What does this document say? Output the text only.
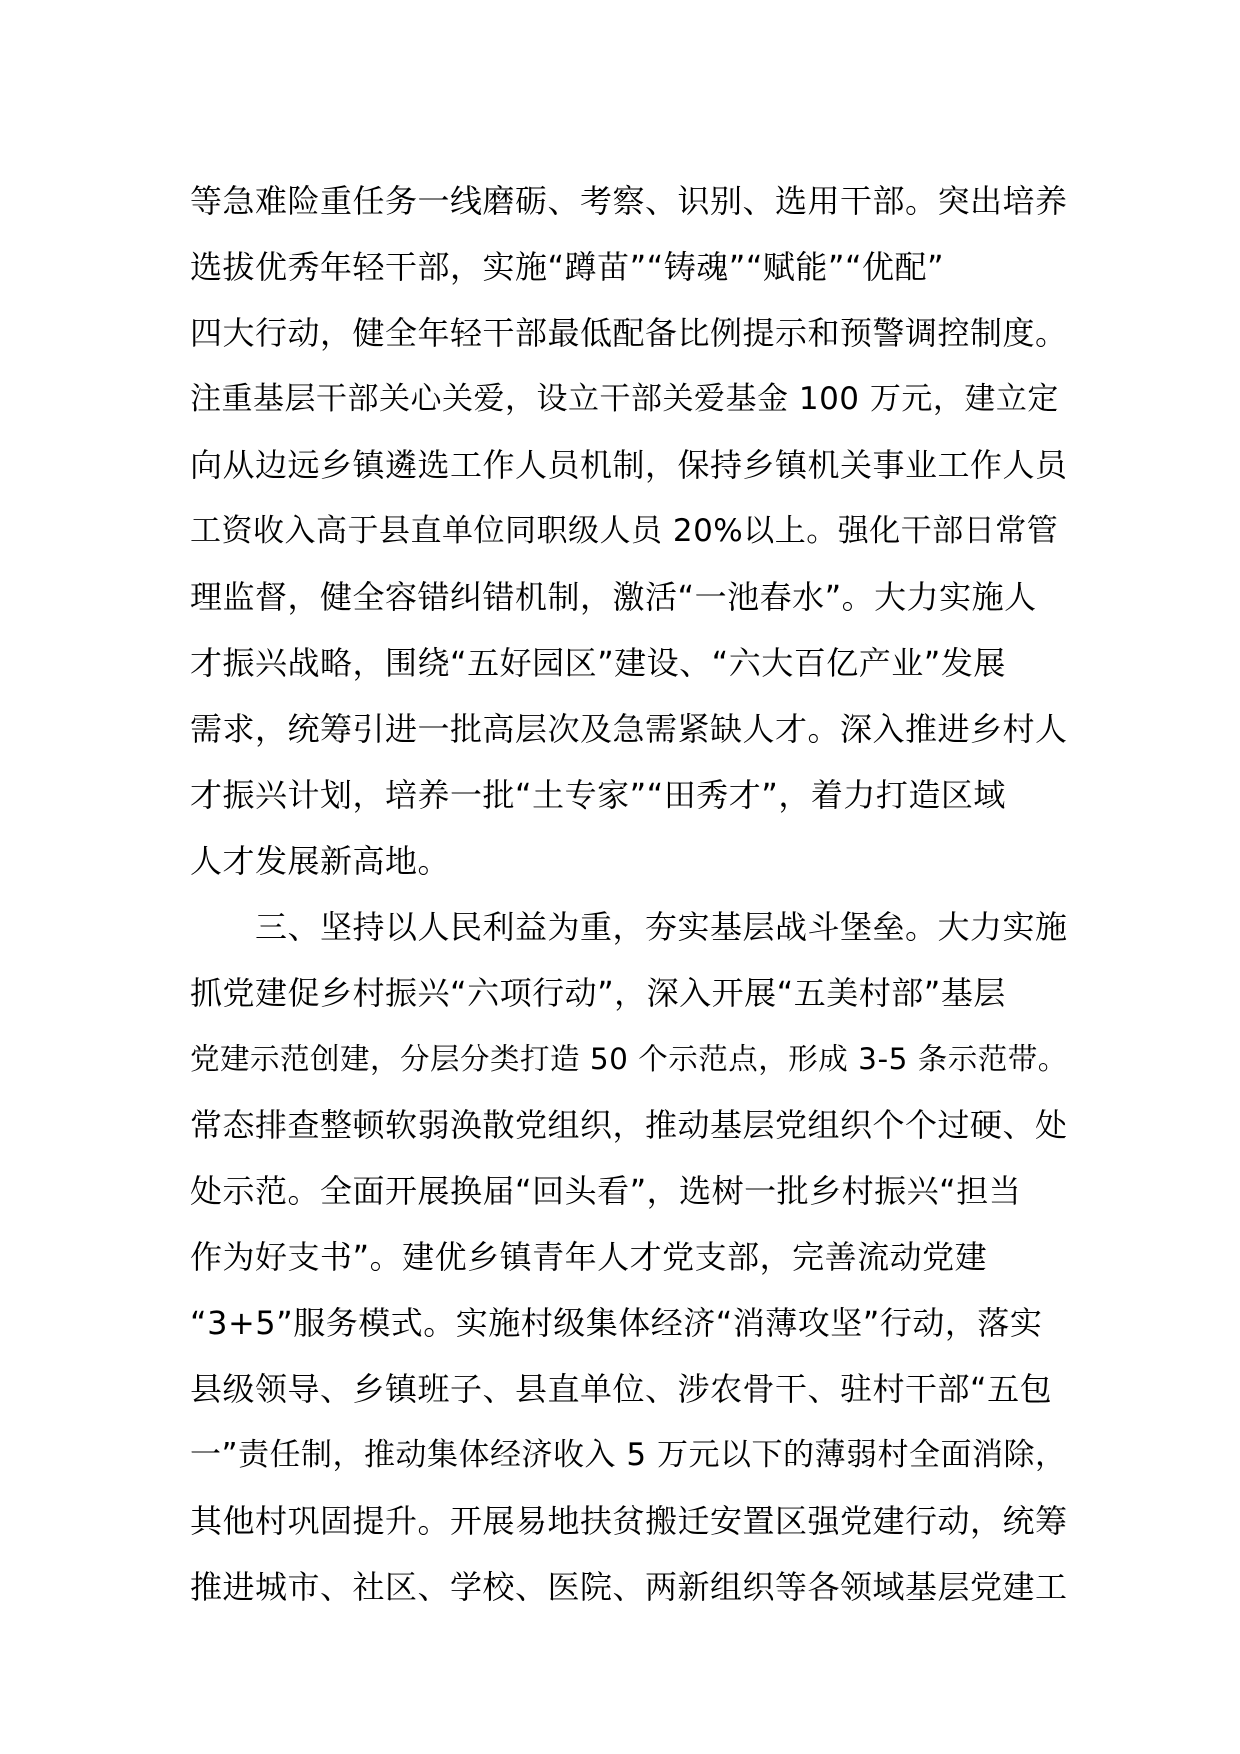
等急难险重任务一线磨砺、考察、识别、选用干部。突出培养
选拔优秀年轻干部，实施“蹲苗”“铸魂”“赋能”“优配”
四大行动，健全年轻干部最低配备比例提示和预警调控制度。
注重基层干部关心关爱，设立干部关爱基金 100 万元，建立定
向从边远乡镇遴选工作人员机制，保持乡镇机关事业工作人员
工资收入高于县直单位同职级人员 20%以上。强化干部日常管
理监督，健全容错纠错机制，激活“一池春水”。大力实施人
才振兴战略，围绕“五好园区”建设、“六大百亿产业”发展
需求，统筹引进一批高层次及急需紧缺人才。深入推进乡村人
才振兴计划，培养一批“土专家”“田秀才”，着力打造区域
人才发展新高地。
　　三、坚持以人民利益为重，夯实基层战斗堡垒。大力实施
抓党建促乡村振兴“六项行动”，深入开展“五美村部”基层
党建示范创建，分层分类打造 50 个示范点，形成 3-5 条示范带。
常态排查整顿软弱涣散党组织，推动基层党组织个个过硬、处
处示范。全面开展换届“回头看”，选树一批乡村振兴“担当
作为好支书”。建优乡镇青年人才党支部，完善流动党建
“3+5”服务模式。实施村级集体经济“消薄攻坚”行动，落实
县级领导、乡镇班子、县直单位、涉农骨干、驻村干部“五包
一”责任制，推动集体经济收入 5 万元以下的薄弱村全面消除，
其他村巩固提升。开展易地扶贫搬迁安置区强党建行动，统筹
推进城市、社区、学校、医院、两新组织等各领域基层党建工
